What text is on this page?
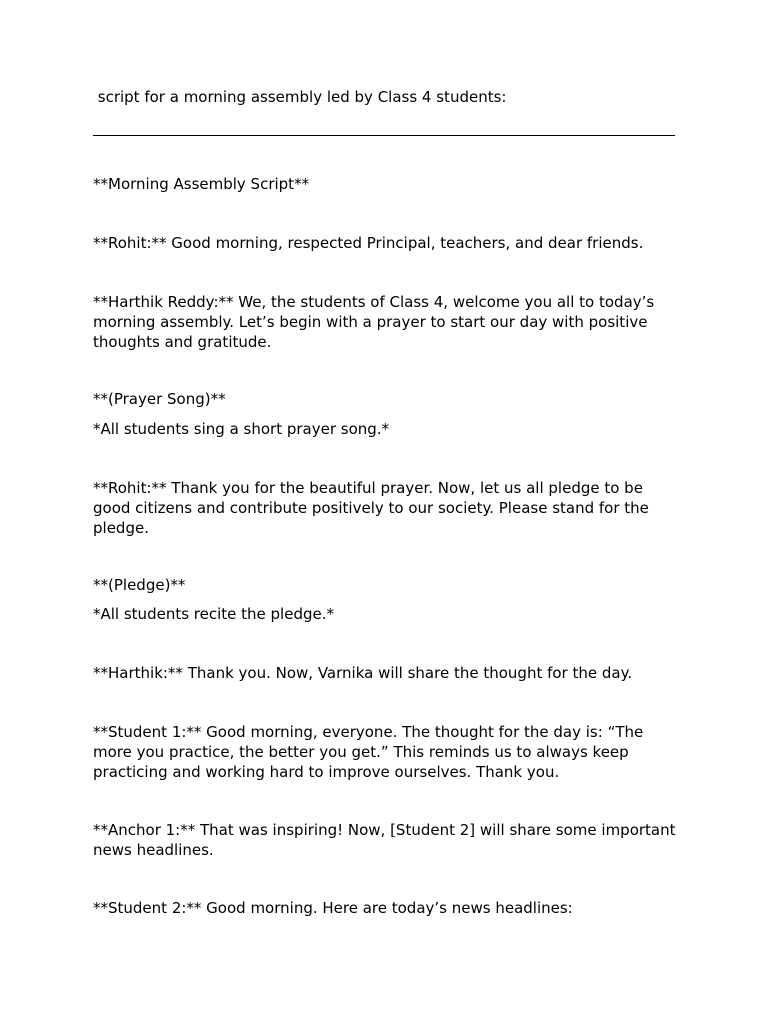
script for a morning assembly led by Class 4 students:

**Morning Assembly Script**

**Rohit:** Good morning, respected Principal, teachers, and dear friends.

**Harthik Reddy:** We, the students of Class 4, welcome you all to today’s morning assembly. Let’s begin with a prayer to start our day with positive thoughts and gratitude.

**(Prayer Song)**

*All students sing a short prayer song.*

**Rohit:** Thank you for the beautiful prayer. Now, let us all pledge to be good citizens and contribute positively to our society. Please stand for the pledge.

**(Pledge)**

*All students recite the pledge.*

**Harthik:** Thank you. Now, Varnika will share the thought for the day.

**Student 1:** Good morning, everyone. The thought for the day is: “The more you practice, the better you get.” This reminds us to always keep practicing and working hard to improve ourselves. Thank you.

**Anchor 1:** That was inspiring! Now, [Student 2] will share some important news headlines.

**Student 2:** Good morning. Here are today’s news headlines:
